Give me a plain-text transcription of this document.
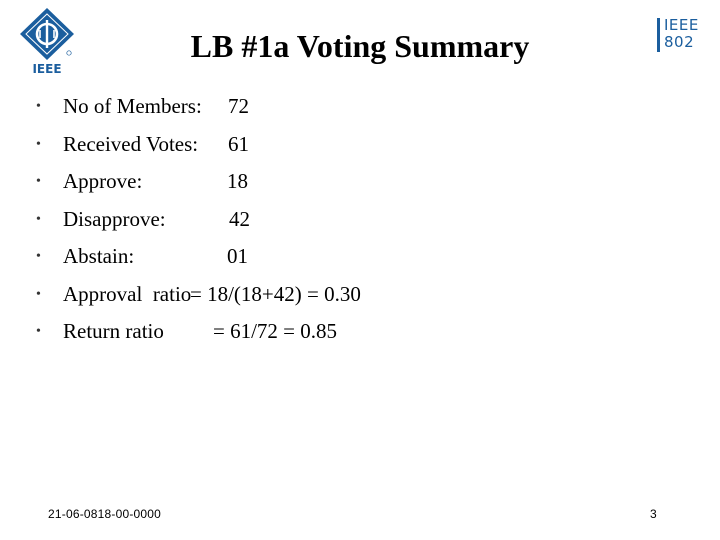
IEEE
IEEE
802
LB #1a Voting Summary
•	No of Members: 72
•	Received Votes: 61
•	Approve:	18
•	Disapprove:	42
•	Abstain:	01
•	Approval  ratio
= 18/(18+42) = 0.30
•	Return ratio = 61/72 = 0.85
21-06-0818-00-0000	3
